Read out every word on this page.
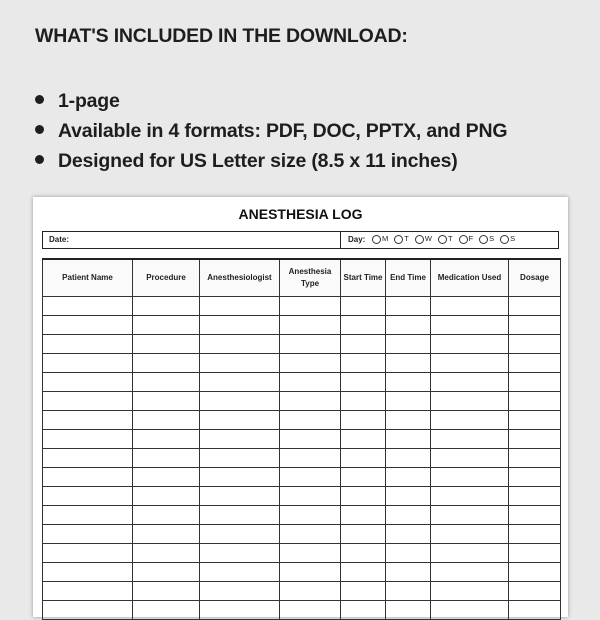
WHAT'S INCLUDED IN THE DOWNLOAD:
1-page
Available in 4 formats: PDF, DOC, PPTX, and PNG
Designed for US Letter size (8.5 x 11 inches)
ANESTHESIA LOG
Date:	Day:	M	T	W	T	F	S	S
Patient Name	Procedure	Anesthesiologist	Anesthesia Type	Start Time	End Time	Medication Used	Dosage
